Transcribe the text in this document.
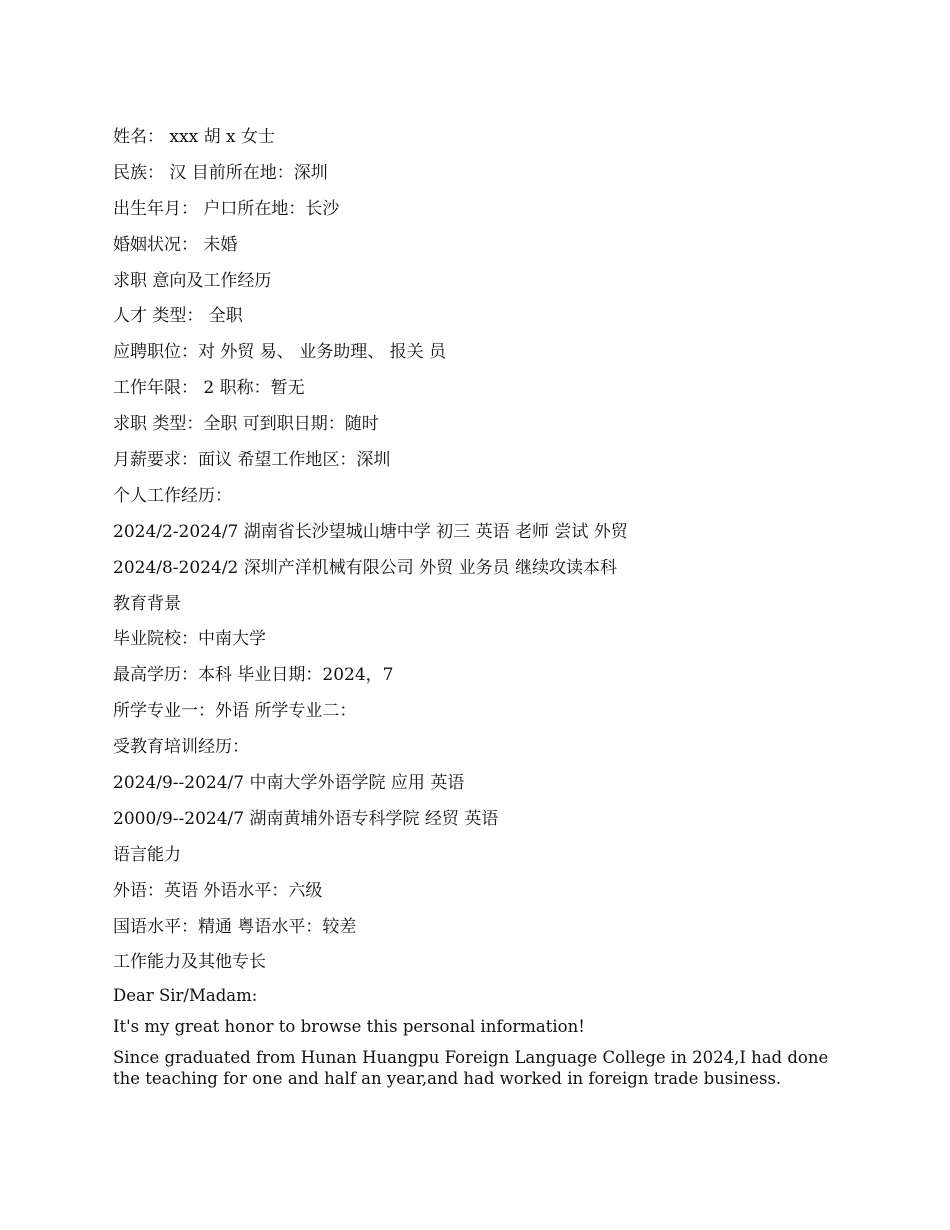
姓名： xxx 胡 x 女士
民族： 汉 目前所在地：深圳
出生年月： 户口所在地：长沙
婚姻状况： 未婚
求职 意向及工作经历
人才 类型： 全职
应聘职位：对 外贸 易、 业务助理、 报关 员
工作年限： 2 职称：暂无
求职 类型：全职 可到职日期：随时
月薪要求：面议 希望工作地区：深圳
个人工作经历：
2024/2-2024/7 湖南省长沙望城山塘中学 初三 英语 老师 尝试 外贸
2024/8-2024/2 深圳产洋机械有限公司 外贸 业务员 继续攻读本科
教育背景
毕业院校：中南大学
最高学历：本科 毕业日期：2024，7
所学专业一：外语 所学专业二：
受教育培训经历：
2024/9--2024/7 中南大学外语学院 应用 英语
2000/9--2024/7 湖南黄埔外语专科学院 经贸 英语
语言能力
外语：英语 外语水平：六级
国语水平：精通 粤语水平：较差
工作能力及其他专长
Dear Sir/Madam:
It's my great honor to browse this personal information!
Since graduated from Hunan Huangpu Foreign Language College in 2024,I had done the teaching for one and half an year,and had worked in foreign trade business.
